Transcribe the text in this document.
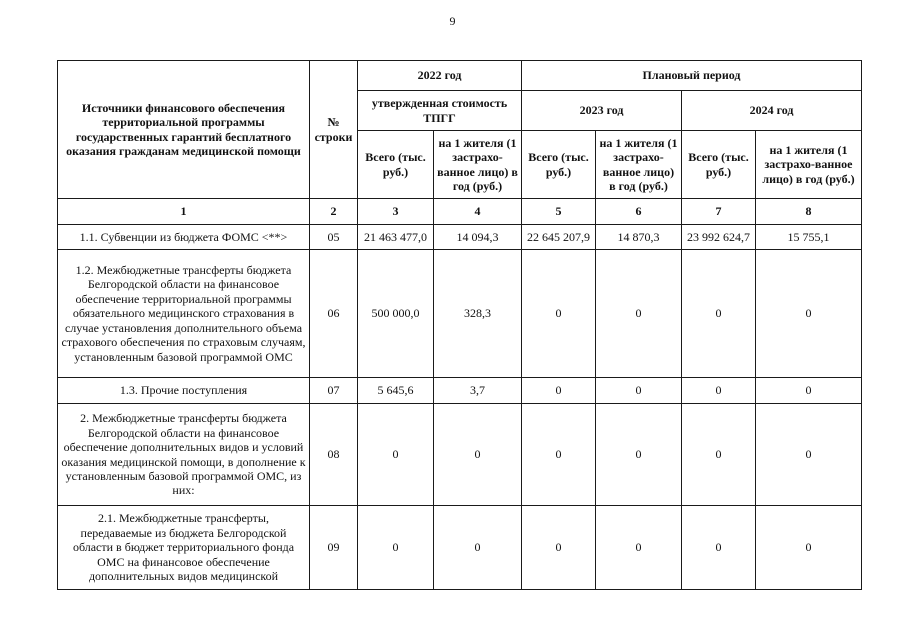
9
Источники финансового обеспечения территориальной программы государственных гарантий бесплатного оказания гражданам медицинской помощи	№ строки	2022 год		Плановый период			
		утвержденная стоимость ТПГГ		2023 год		2024 год	
		Всего (тыс. руб.)	на 1 жителя (1 застрахо-ванное лицо) в год (руб.)	Всего (тыс. руб.)	на 1 жителя (1 застрахо-ванное лицо) в год (руб.)	Всего (тыс. руб.)	на 1 жителя (1 застрахо-ванное лицо) в год (руб.)
1	2	3	4	5	6	7	8
1.1. Субвенции из бюджета ФОМС <**>	05	21 463 477,0	14 094,3	22 645 207,9	14 870,3	23 992 624,7	15 755,1
1.2. Межбюджетные трансферты бюджета Белгородской области на финансовое обеспечение территориальной программы обязательного медицинского страхования в случае установления дополнительного объема страхового обеспечения по страховым случаям, установленным базовой программой ОМС	06	500 000,0	328,3	0	0	0	0
1.3. Прочие поступления	07	5 645,6	3,7	0	0	0	0
2. Межбюджетные трансферты бюджета Белгородской области на финансовое обеспечение дополнительных видов и условий оказания медицинской помощи, в дополнение к установленным базовой программой ОМС, из них:	08	0	0	0	0	0	0
2.1. Межбюджетные трансферты, передаваемые из бюджета Белгородской области в бюджет территориального фонда ОМС на финансовое обеспечение дополнительных видов медицинской	09	0	0	0	0	0	0
